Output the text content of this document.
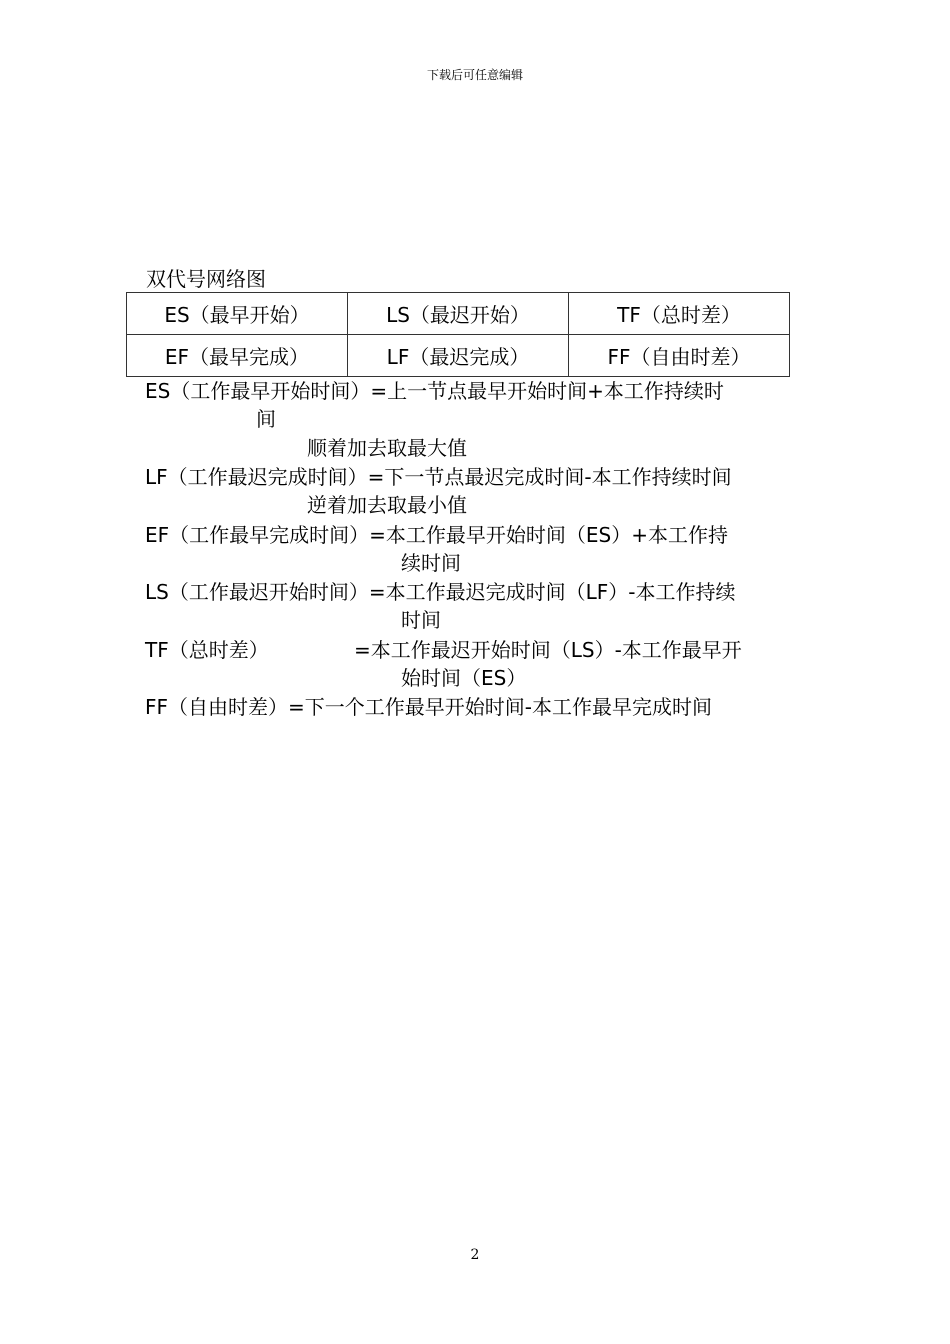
下载后可任意编辑
双代号网络图
ES（最早开始）	LS（最迟开始）	TF（总时差）
EF（最早完成）	LF（最迟完成）	FF（自由时差）
ES（工作最早开始时间）=上一节点最早开始时间+本工作持续时
间
顺着加去取最大值
LF（工作最迟完成时间）=下一节点最迟完成时间-本工作持续时间
逆着加去取最小值
EF（工作最早完成时间）=本工作最早开始时间（ES）+本工作持
续时间
LS（工作最迟开始时间）=本工作最迟完成时间（LF）-本工作持续
时间
TF（总时差）	=本工作最迟开始时间（LS）-本工作最早开
始时间（ES）
FF（自由时差）=下一个工作最早开始时间-本工作最早完成时间
2
